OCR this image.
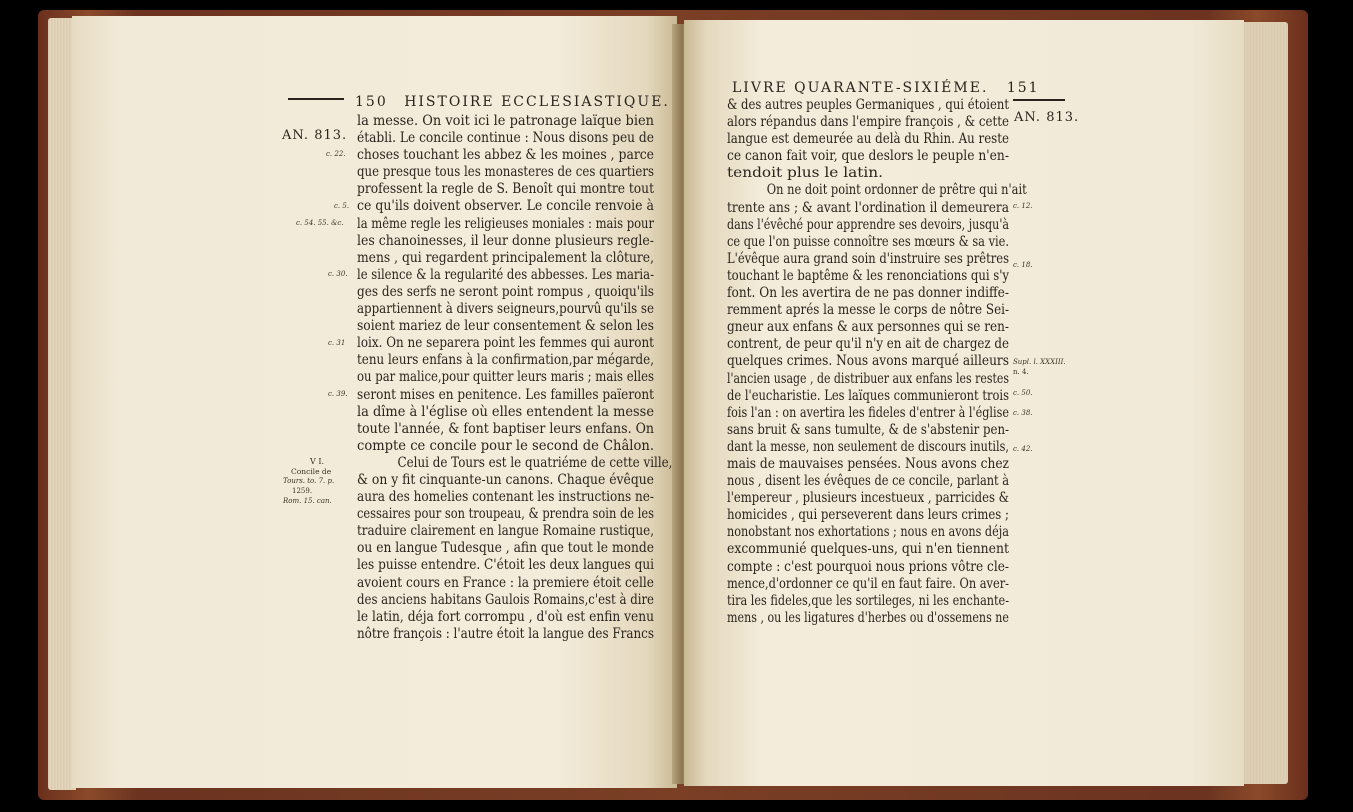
AN. 813.
150 HISTOIRE ECCLESIASTIQUE.
la messe. On voit ici le patronage laïque bien
établi. Le concile continue : Nous disons peu de
choses touchant les abbez & les moines , parce
que presque tous les monasteres de ces quartiers
professent la regle de S. Benoît qui montre tout
ce qu'ils doivent observer. Le concile renvoie à
la même regle les religieuses moniales : mais pour
les chanoinesses, il leur donne plusieurs regle-
mens , qui regardent principalement la clôture,
le silence & la regularité des abbesses. Les maria-
ges des serfs ne seront point rompus , quoiqu'ils
appartiennent à divers seigneurs,pourvû qu'ils se
soient mariez de leur consentement & selon les
loix. On ne separera point les femmes qui auront
tenu leurs enfans à la confirmation,par mégarde,
ou par malice,pour quitter leurs maris ; mais elles
seront mises en penitence. Les familles païeront
la dîme à l'église où elles entendent la messe
toute l'année, & font baptiser leurs enfans. On
compte ce concile pour le second de Châlon.
Celui de Tours est le quatriéme de cette ville,
& on y fit cinquante-un canons. Chaque évêque
aura des homelies contenant les instructions ne-
cessaires pour son troupeau, & prendra soin de les
traduire clairement en langue Romaine rustique,
ou en langue Tudesque , afin que tout le monde
les puisse entendre. C'étoit les deux langues qui
avoient cours en France : la premiere étoit celle
des anciens habitans Gaulois Romains,c'est à dire
le latin, déja fort corrompu , d'où est enfin venu
nôtre françois : l'autre étoit la langue des Francs
c. 22.
c. 5.
c. 54. 55. &c.
c. 30.
c. 31
c. 39.
V I.
Concile de
Tours. to. 7. p.
1259.
Rom. 15. can.
LIVRE QUARANTE-SIXIÉME. 151
AN. 813.
& des autres peuples Germaniques , qui étoient
alors répandus dans l'empire françois , & cette
langue est demeurée au delà du Rhin. Au reste
ce canon fait voir, que deslors le peuple n'en-
tendoit plus le latin.
On ne doit point ordonner de prêtre qui n'ait
trente ans ; & avant l'ordination il demeurera
dans l'évêché pour apprendre ses devoirs, jusqu'à
ce que l'on puisse connoître ses mœurs & sa vie.
L'évêque aura grand soin d'instruire ses prêtres
touchant le baptême & les renonciations qui s'y
font. On les avertira de ne pas donner indiffe-
remment aprés la messe le corps de nôtre Sei-
gneur aux enfans & aux personnes qui se ren-
contrent, de peur qu'il n'y en ait de chargez de
quelques crimes. Nous avons marqué ailleurs
l'ancien usage , de distribuer aux enfans les restes
de l'eucharistie. Les laïques communieront trois
fois l'an : on avertira les fideles d'entrer à l'église
sans bruit & sans tumulte, & de s'abstenir pen-
dant la messe, non seulement de discours inutils,
mais de mauvaises pensées. Nous avons chez
nous , disent les évêques de ce concile, parlant à
l'empereur , plusieurs incestueux , parricides &
homicides , qui perseverent dans leurs crimes ;
nonobstant nos exhortations ; nous en avons déja
excommunié quelques-uns, qui n'en tiennent
compte : c'est pourquoi nous prions vôtre cle-
mence,d'ordonner ce qu'il en faut faire. On aver-
tira les fideles,que les sortileges, ni les enchante-
mens , ou les ligatures d'herbes ou d'ossemens ne
c. 12.
c. 18.
Supl. l. XXXIII.
n. 4.
c. 50.
c. 38.
c. 42.
